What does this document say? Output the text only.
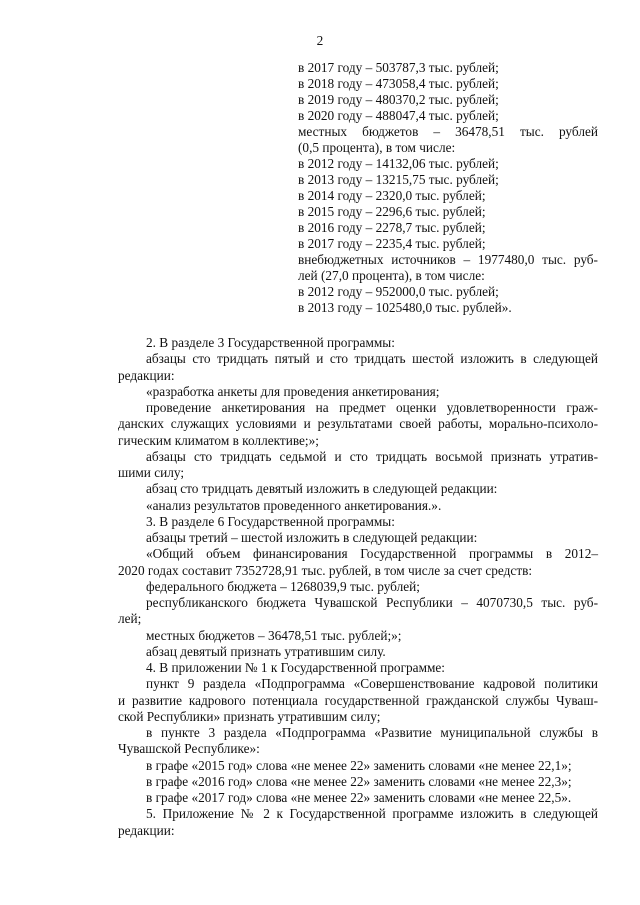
2
в 2017 году – 503787,3 тыс. рублей;
в 2018 году – 473058,4 тыс. рублей;
в 2019 году – 480370,2 тыс. рублей;
в 2020 году – 488047,4 тыс. рублей;
местных бюджетов – 36478,51 тыс. рублей
(0,5 процента), в том числе:
в 2012 году – 14132,06 тыс. рублей;
в 2013 году – 13215,75 тыс. рублей;
в 2014 году – 2320,0 тыс. рублей;
в 2015 году – 2296,6 тыс. рублей;
в 2016 году – 2278,7 тыс. рублей;
в 2017 году – 2235,4 тыс. рублей;
внебюджетных источников – 1977480,0 тыс. руб-
лей (27,0 процента), в том числе:
в 2012 году – 952000,0 тыс. рублей;
в 2013 году – 1025480,0 тыс. рублей».
2. В разделе 3 Государственной программы:
абзацы сто тридцать пятый и сто тридцать шестой изложить в следующей
редакции:
«разработка анкеты для проведения анкетирования;
проведение анкетирования на предмет оценки удовлетворенности граж-
данских служащих условиями и результатами своей работы, морально-психоло-
гическим климатом в коллективе;»;
абзацы сто тридцать седьмой и сто тридцать восьмой признать утратив-
шими силу;
абзац сто тридцать девятый изложить в следующей редакции:
«анализ результатов проведенного анкетирования.».
3. В разделе 6 Государственной программы:
абзацы третий – шестой изложить в следующей редакции:
«Общий объем финансирования Государственной программы в 2012–
2020 годах составит 7352728,91 тыс. рублей, в том числе за счет средств:
федерального бюджета – 1268039,9 тыс. рублей;
республиканского бюджета Чувашской Республики – 4070730,5 тыс. руб-
лей;
местных бюджетов – 36478,51 тыс. рублей;»;
абзац девятый признать утратившим силу.
4. В приложении № 1 к Государственной программе:
пункт 9 раздела «Подпрограмма «Совершенствование кадровой политики
и развитие кадрового потенциала государственной гражданской службы Чуваш-
ской Республики» признать утратившим силу;
в пункте 3 раздела «Подпрограмма «Развитие муниципальной службы в
Чувашской Республике»:
в графе «2015 год» слова «не менее 22» заменить словами «не менее 22,1»;
в графе «2016 год» слова «не менее 22» заменить словами «не менее 22,3»;
в графе «2017 год» слова «не менее 22» заменить словами «не менее 22,5».
5. Приложение № 2 к Государственной программе изложить в следующей
редакции:
